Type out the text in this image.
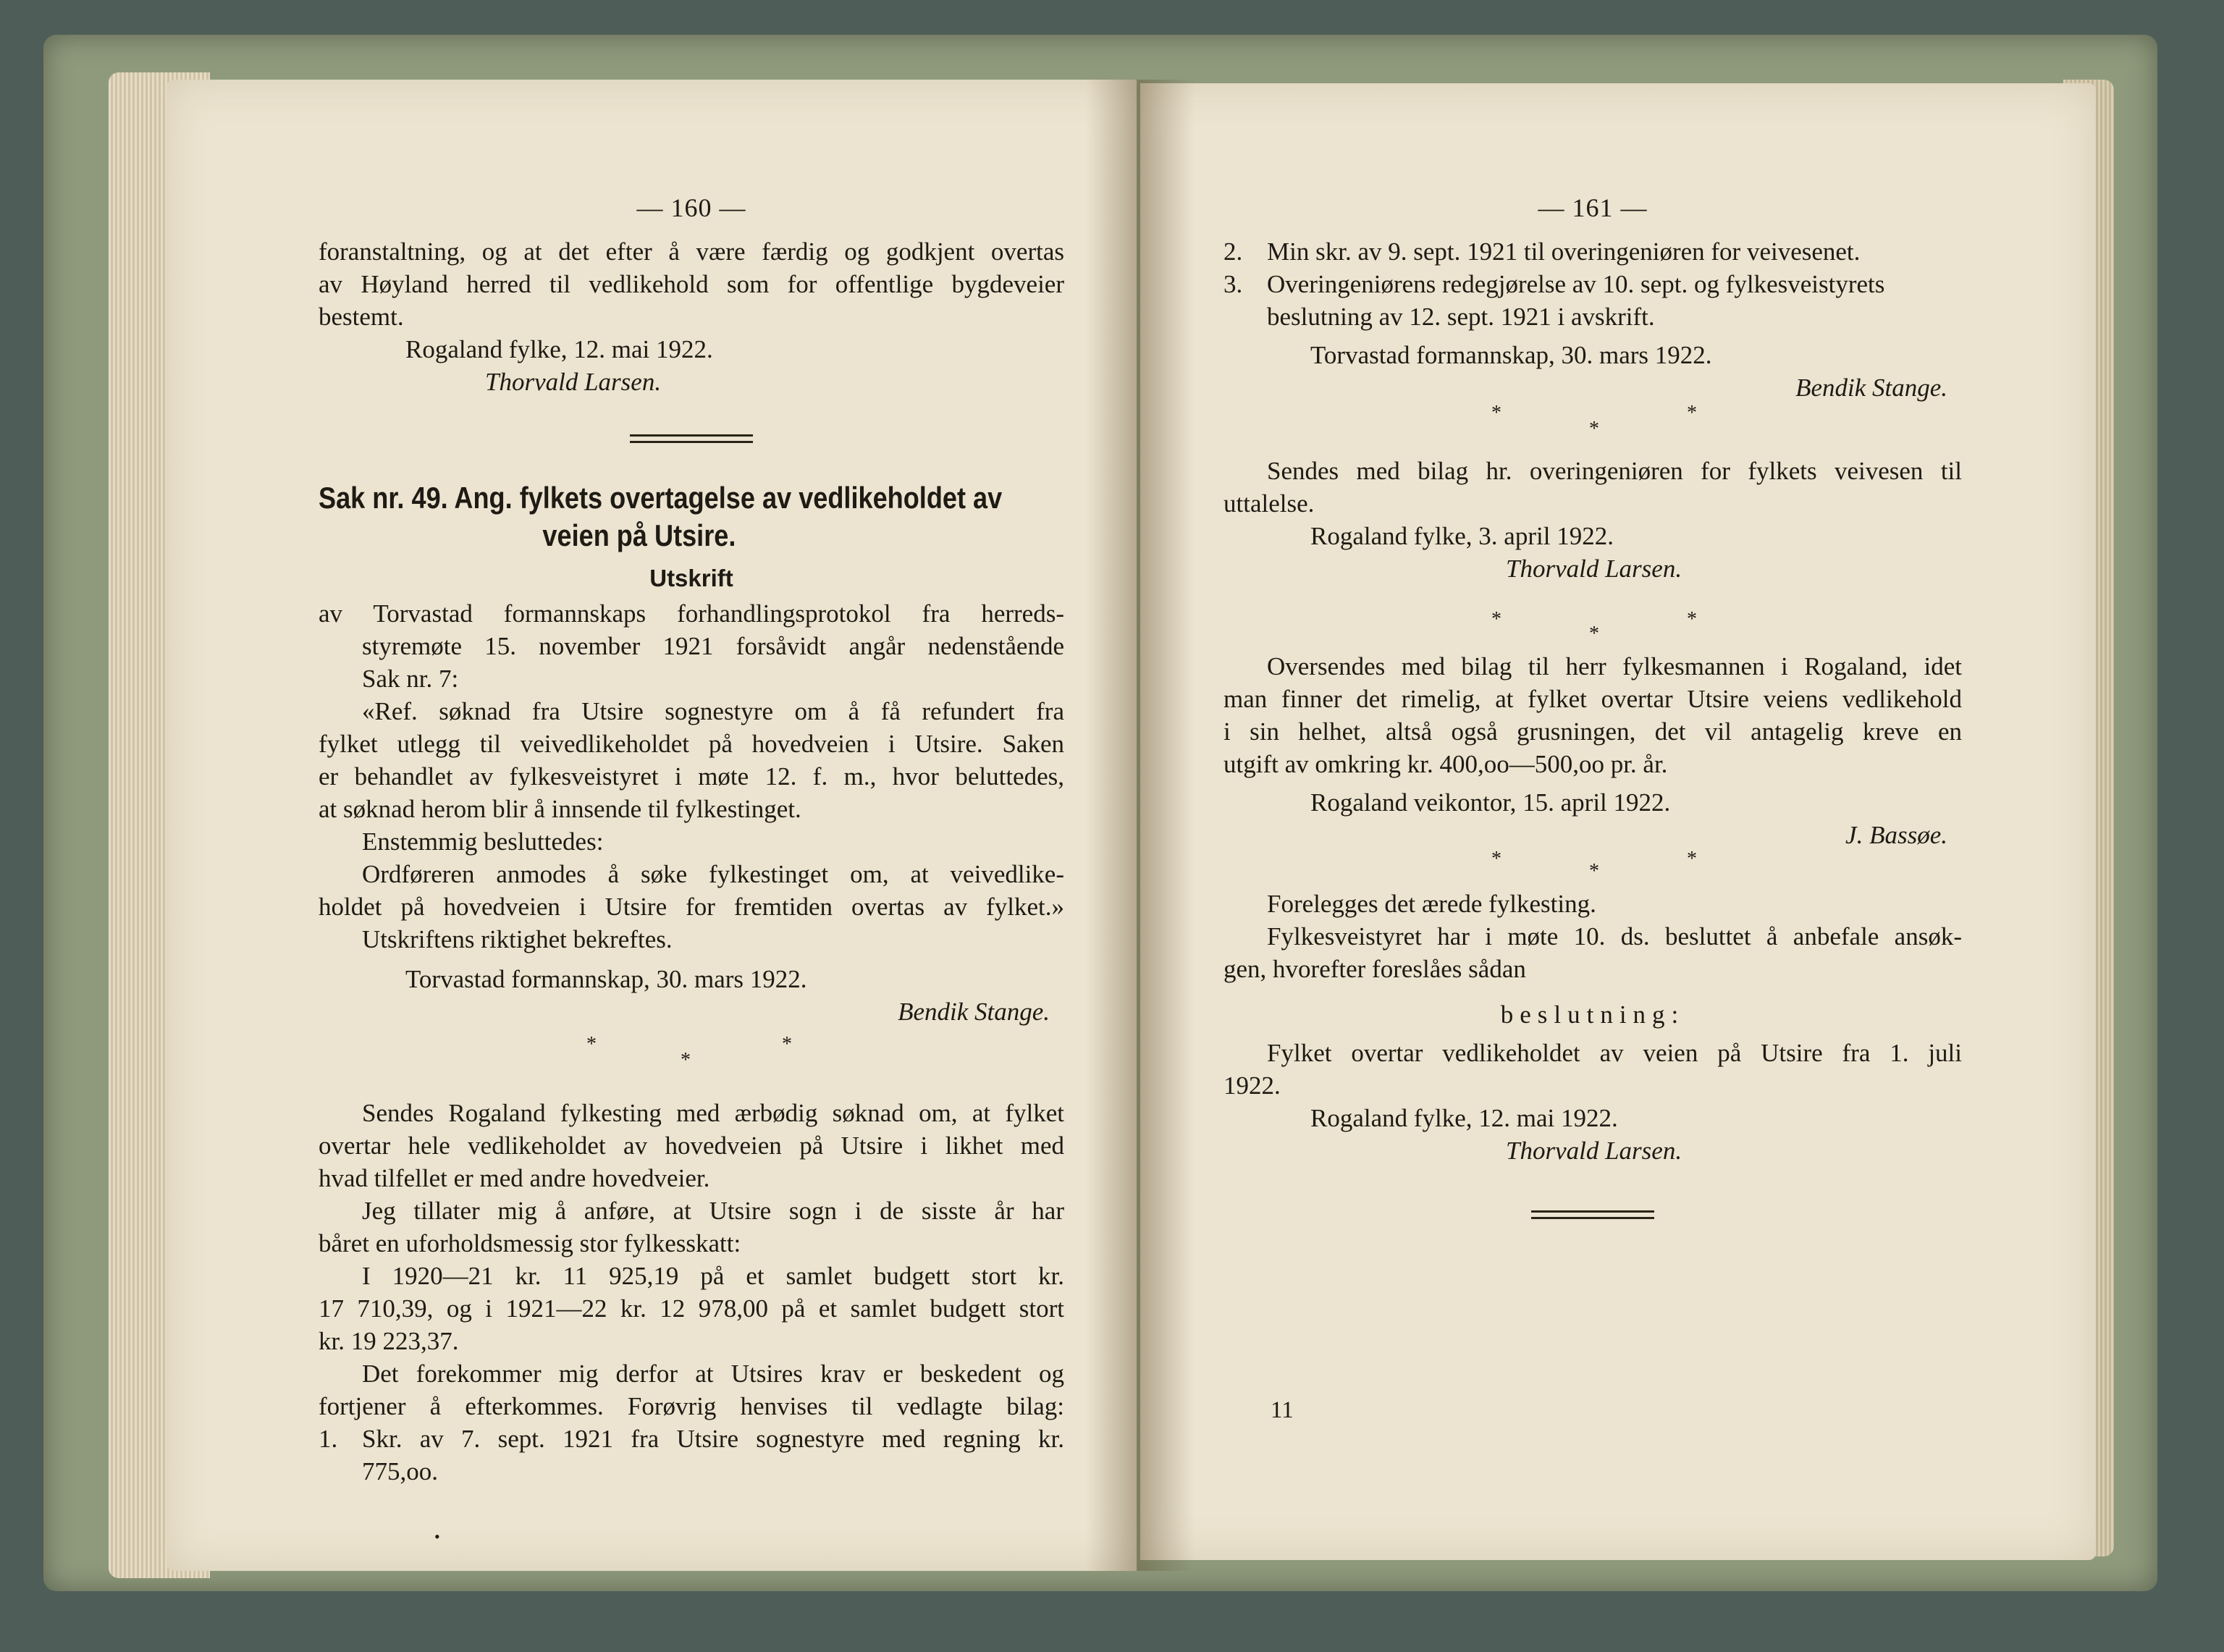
— 160 —

foranstaltning, og at det efter å være færdig og godkjent overtas

av Høyland herred til vedlikehold som for offentlige bygdeveier

bestemt.

Rogaland fylke, 12. mai 1922.

Thorvald Larsen.

Sak nr. 49. Ang. fylkets overtagelse av vedlikeholdet av
veien på Utsire.
Utskrift

av Torvastad formannskaps forhandlingsprotokol fra herreds-

styremøte 15. november 1921 forsåvidt angår nedenstående

Sak nr. 7:

«Ref. søknad fra Utsire sognestyre om å få refundert fra

fylket utlegg til veivedlikeholdet på hovedveien i Utsire. Saken

er behandlet av fylkesveistyret i møte 12. f. m., hvor beluttedes,

at søknad herom blir å innsende til fylkestinget.

Enstemmig besluttedes:

Ordføreren anmodes å søke fylkestinget om, at veivedlike-

holdet på hovedveien i Utsire for fremtiden overtas av fylket.»

Utskriftens riktighet bekreftes.

Torvastad formannskap, 30. mars 1922.

Bendik Stange.

*
*
*

Sendes Rogaland fylkesting med ærbødig søknad om, at fylket

overtar hele vedlikeholdet av hovedveien på Utsire i likhet med

hvad tilfellet er med andre hovedveier.

Jeg tillater mig å anføre, at Utsire sogn i de sisste år har

båret en uforholdsmessig stor fylkesskatt:

I 1920—21 kr. 11 925,19 på et samlet budgett stort kr.

17 710,39, og i 1921—22 kr. 12 978,00 på et samlet budgett stort

kr. 19 223,37.

Det forekommer mig derfor at Utsires krav er beskedent og

fortjener å efterkommes. Forøvrig henvises til vedlagte bilag:

1. Skr. av 7. sept. 1921 fra Utsire sognestyre med regning kr.

775,oo.

•
— 161 —

2. Min skr. av 9. sept. 1921 til overingeniøren for veivesenet.

3. Overingeniørens redegjørelse av 10. sept. og fylkesveistyrets

beslutning av 12. sept. 1921 i avskrift.

Torvastad formannskap, 30. mars 1922.

Bendik Stange.

*
*
*

Sendes med bilag hr. overingeniøren for fylkets veivesen til

uttalelse.

Rogaland fylke, 3. april 1922.

Thorvald Larsen.

*
*
*

Oversendes med bilag til herr fylkesmannen i Rogaland, idet

man finner det rimelig, at fylket overtar Utsire veiens vedlikehold

i sin helhet, altså også grusningen, det vil antagelig kreve en

utgift av omkring kr. 400,oo—500,oo pr. år.

Rogaland veikontor, 15. april 1922.

J. Bassøe.

*
*
*

Forelegges det ærede fylkesting.

Fylkesveistyret har i møte 10. ds. besluttet å anbefale ansøk-

gen, hvorefter foreslåes sådan

beslutning:

Fylket overtar vedlikeholdet av veien på Utsire fra 1. juli

1922.

Rogaland fylke, 12. mai 1922.

Thorvald Larsen.

11
